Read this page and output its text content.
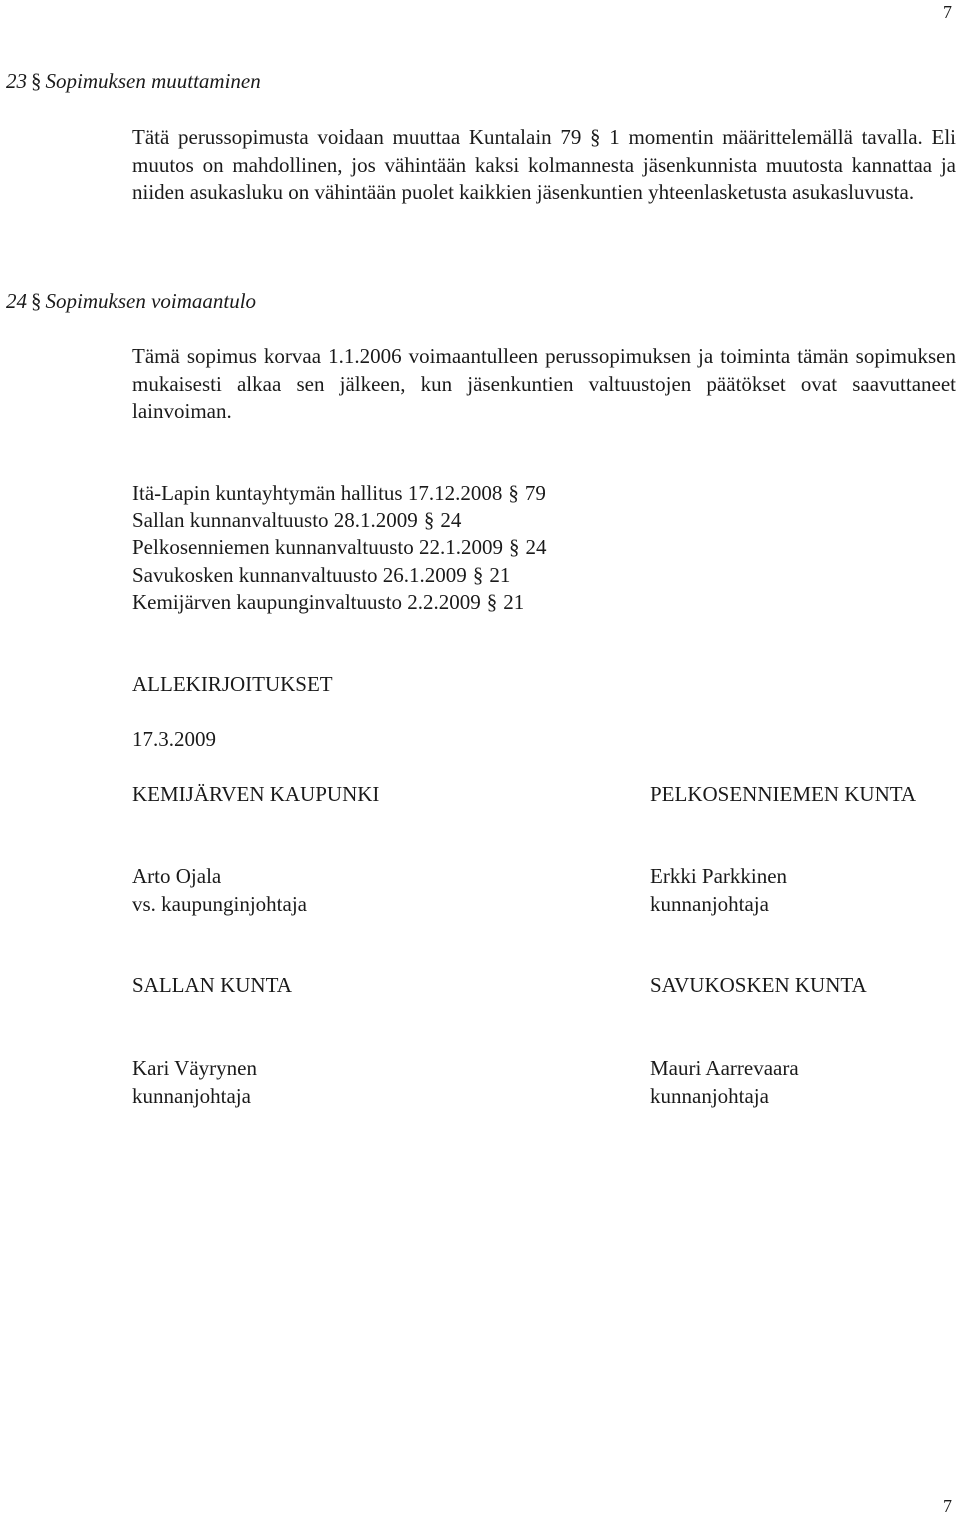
7
23 § Sopimuksen muuttaminen
Tätä perussopimusta voidaan muuttaa Kuntalain 79 § 1 momentin määrittelemällä tavalla. Eli muutos on mahdollinen, jos vähintään kaksi kolmannesta jäsenkunnista muutosta kannattaa ja niiden asukasluku on vähintään puolet kaikkien jäsenkuntien yhteenlasketusta asukasluvusta.
24 § Sopimuksen voimaantulo
Tämä sopimus korvaa 1.1.2006 voimaantulleen perussopimuksen ja toiminta tämän sopimuksen mukaisesti alkaa sen jälkeen, kun jäsenkuntien valtuustojen päätökset ovat saavuttaneet lainvoiman.
Itä-Lapin kuntayhtymän hallitus 17.12.2008 § 79
Sallan kunnanvaltuusto 28.1.2009 § 24
Pelkosenniemen kunnanvaltuusto 22.1.2009 § 24
Savukosken kunnanvaltuusto 26.1.2009 § 21
Kemijärven kaupunginvaltuusto 2.2.2009 § 21
ALLEKIRJOITUKSET
17.3.2009
KEMIJÄRVEN KAUPUNKI	PELKOSENNIEMEN KUNTA
Arto Ojala
vs. kaupunginjohtaja
Erkki Parkkinen
kunnanjohtaja
SALLAN KUNTA	SAVUKOSKEN KUNTA
Kari Väyrynen
kunnanjohtaja
Mauri Aarrevaara
kunnanjohtaja
7
